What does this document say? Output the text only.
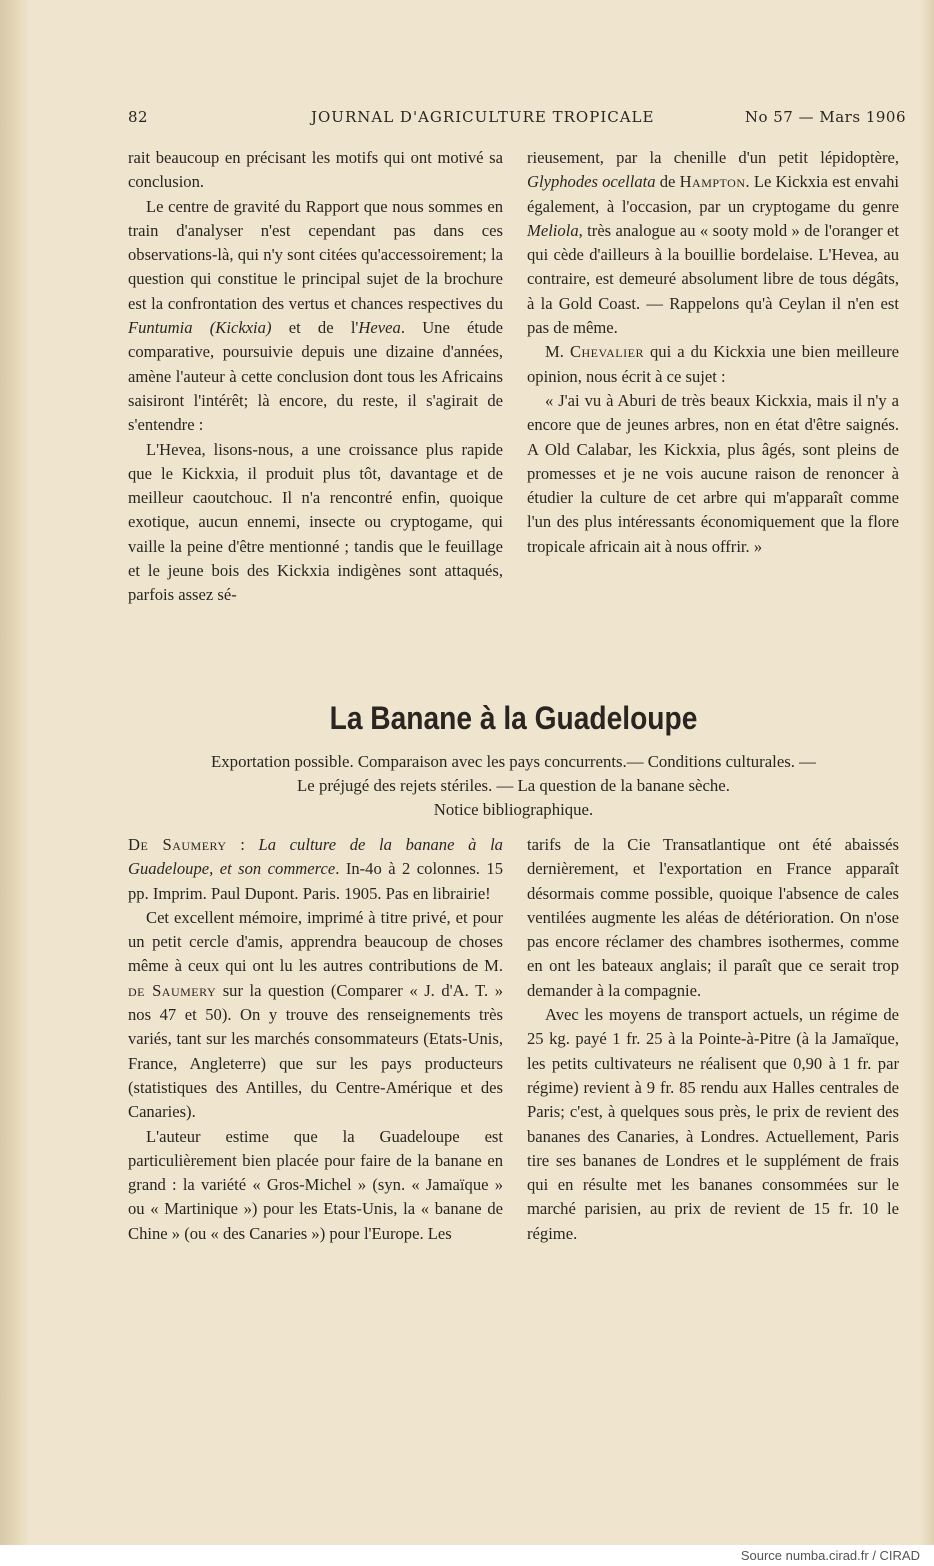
82	JOURNAL D'AGRICULTURE TROPICALE	No 57 — Mars 1906

rait beaucoup en précisant les motifs qui ont motivé sa conclusion.

Le centre de gravité du Rapport que nous sommes en train d'analyser n'est cependant pas dans ces observations-là, qui n'y sont citées qu'accessoirement; la question qui constitue le principal sujet de la brochure est la confrontation des vertus et chances respectives du Funtumia (Kickxia) et de l'Hevea. Une étude comparative, poursuivie depuis une dizaine d'années, amène l'auteur à cette conclusion dont tous les Africains saisiront l'intérêt; là encore, du reste, il s'agirait de s'entendre :

L'Hevea, lisons-nous, a une croissance plus rapide que le Kickxia, il produit plus tôt, davantage et de meilleur caoutchouc. Il n'a rencontré enfin, quoique exotique, aucun ennemi, insecte ou cryptogame, qui vaille la peine d'être mentionné ; tandis que le feuillage et le jeune bois des Kickxia indigènes sont attaqués, parfois assez sé-

rieusement, par la chenille d'un petit lépidoptère, Glyphodes ocellata de Hampton. Le Kickxia est envahi également, à l'occasion, par un cryptogame du genre Meliola, très analogue au « sooty mold » de l'oranger et qui cède d'ailleurs à la bouillie bordelaise. L'Hevea, au contraire, est demeuré absolument libre de tous dégâts, à la Gold Coast. — Rappelons qu'à Ceylan il n'en est pas de même.

M. Chevalier qui a du Kickxia une bien meilleure opinion, nous écrit à ce sujet :

« J'ai vu à Aburi de très beaux Kickxia, mais il n'y a encore que de jeunes arbres, non en état d'être saignés. A Old Calabar, les Kickxia, plus âgés, sont pleins de promesses et je ne vois aucune raison de renoncer à étudier la culture de cet arbre qui m'apparaît comme l'un des plus intéressants économiquement que la flore tropicale africain ait à nous offrir. »

La Banane à la Guadeloupe
Exportation possible. Comparaison avec les pays concurrents.— Conditions culturales. —
Le préjugé des rejets stériles. — La question de la banane sèche.
Notice bibliographique.

De Saumery : La culture de la banane à la Guadeloupe, et son commerce. In-4o à 2 colonnes. 15 pp. Imprim. Paul Dupont. Paris. 1905. Pas en librairie!

Cet excellent mémoire, imprimé à titre privé, et pour un petit cercle d'amis, apprendra beaucoup de choses même à ceux qui ont lu les autres contributions de M. de Saumery sur la question (Comparer « J. d'A. T. » nos 47 et 50). On y trouve des renseignements très variés, tant sur les marchés consommateurs (Etats-Unis, France, Angleterre) que sur les pays producteurs (statistiques des Antilles, du Centre-Amérique et des Canaries).

L'auteur estime que la Guadeloupe est particulièrement bien placée pour faire de la banane en grand : la variété « Gros-Michel » (syn. « Jamaïque » ou « Martinique ») pour les Etats-Unis, la « banane de Chine » (ou « des Canaries ») pour l'Europe. Les

tarifs de la Cie Transatlantique ont été abaissés dernièrement, et l'exportation en France apparaît désormais comme possible, quoique l'absence de cales ventilées augmente les aléas de détérioration. On n'ose pas encore réclamer des chambres isothermes, comme en ont les bateaux anglais; il paraît que ce serait trop demander à la compagnie.

Avec les moyens de transport actuels, un régime de 25 kg. payé 1 fr. 25 à la Pointe-à-Pitre (à la Jamaïque, les petits cultivateurs ne réalisent que 0,90 à 1 fr. par régime) revient à 9 fr. 85 rendu aux Halles centrales de Paris; c'est, à quelques sous près, le prix de revient des bananes des Canaries, à Londres. Actuellement, Paris tire ses bananes de Londres et le supplément de frais qui en résulte met les bananes consommées sur le marché parisien, au prix de revient de 15 fr. 10 le régime.

Source numba.cirad.fr / CIRAD
